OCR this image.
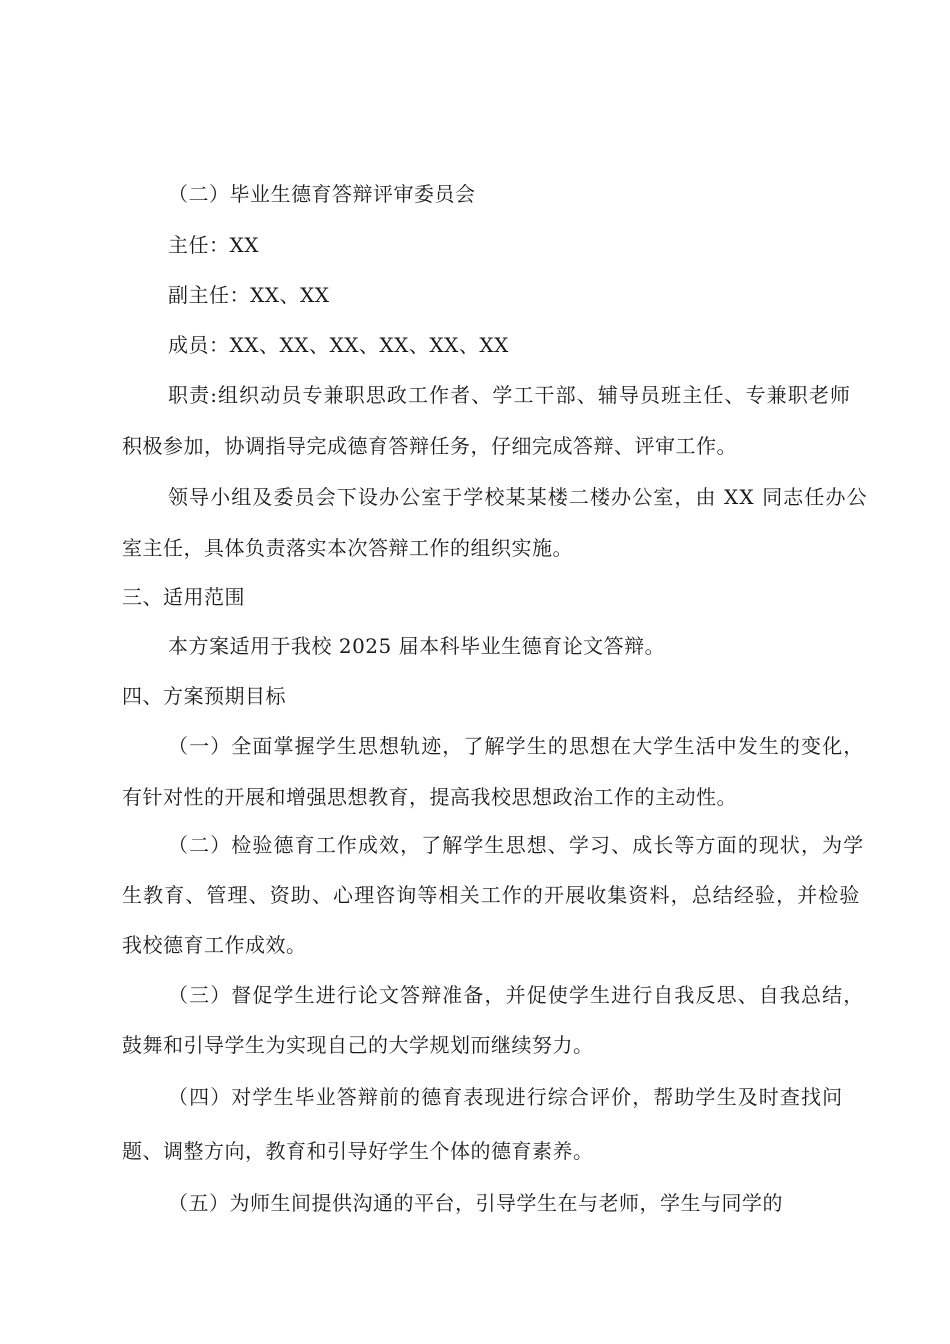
（二）毕业生德育答辩评审委员会
主任：XX
副主任：XX、XX
成员：XX、XX、XX、XX、XX、XX
职责:组织动员专兼职思政工作者、学工干部、辅导员班主任、专兼职老师
积极参加，协调指导完成德育答辩任务，仔细完成答辩、评审工作。
领导小组及委员会下设办公室于学校某某楼二楼办公室，由 XX 同志任办公
室主任，具体负责落实本次答辩工作的组织实施。
三、适用范围
本方案适用于我校 2025 届本科毕业生德育论文答辩。
四、方案预期目标
（一）全面掌握学生思想轨迹，了解学生的思想在大学生活中发生的变化，
有针对性的开展和增强思想教育，提高我校思想政治工作的主动性。
（二）检验德育工作成效，了解学生思想、学习、成长等方面的现状，为学
生教育、管理、资助、心理咨询等相关工作的开展收集资料，总结经验，并检验
我校德育工作成效。
（三）督促学生进行论文答辩准备，并促使学生进行自我反思、自我总结，
鼓舞和引导学生为实现自己的大学规划而继续努力。
（四）对学生毕业答辩前的德育表现进行综合评价，帮助学生及时查找问
题、调整方向，教育和引导好学生个体的德育素养。
（五）为师生间提供沟通的平台，引导学生在与老师，学生与同学的
